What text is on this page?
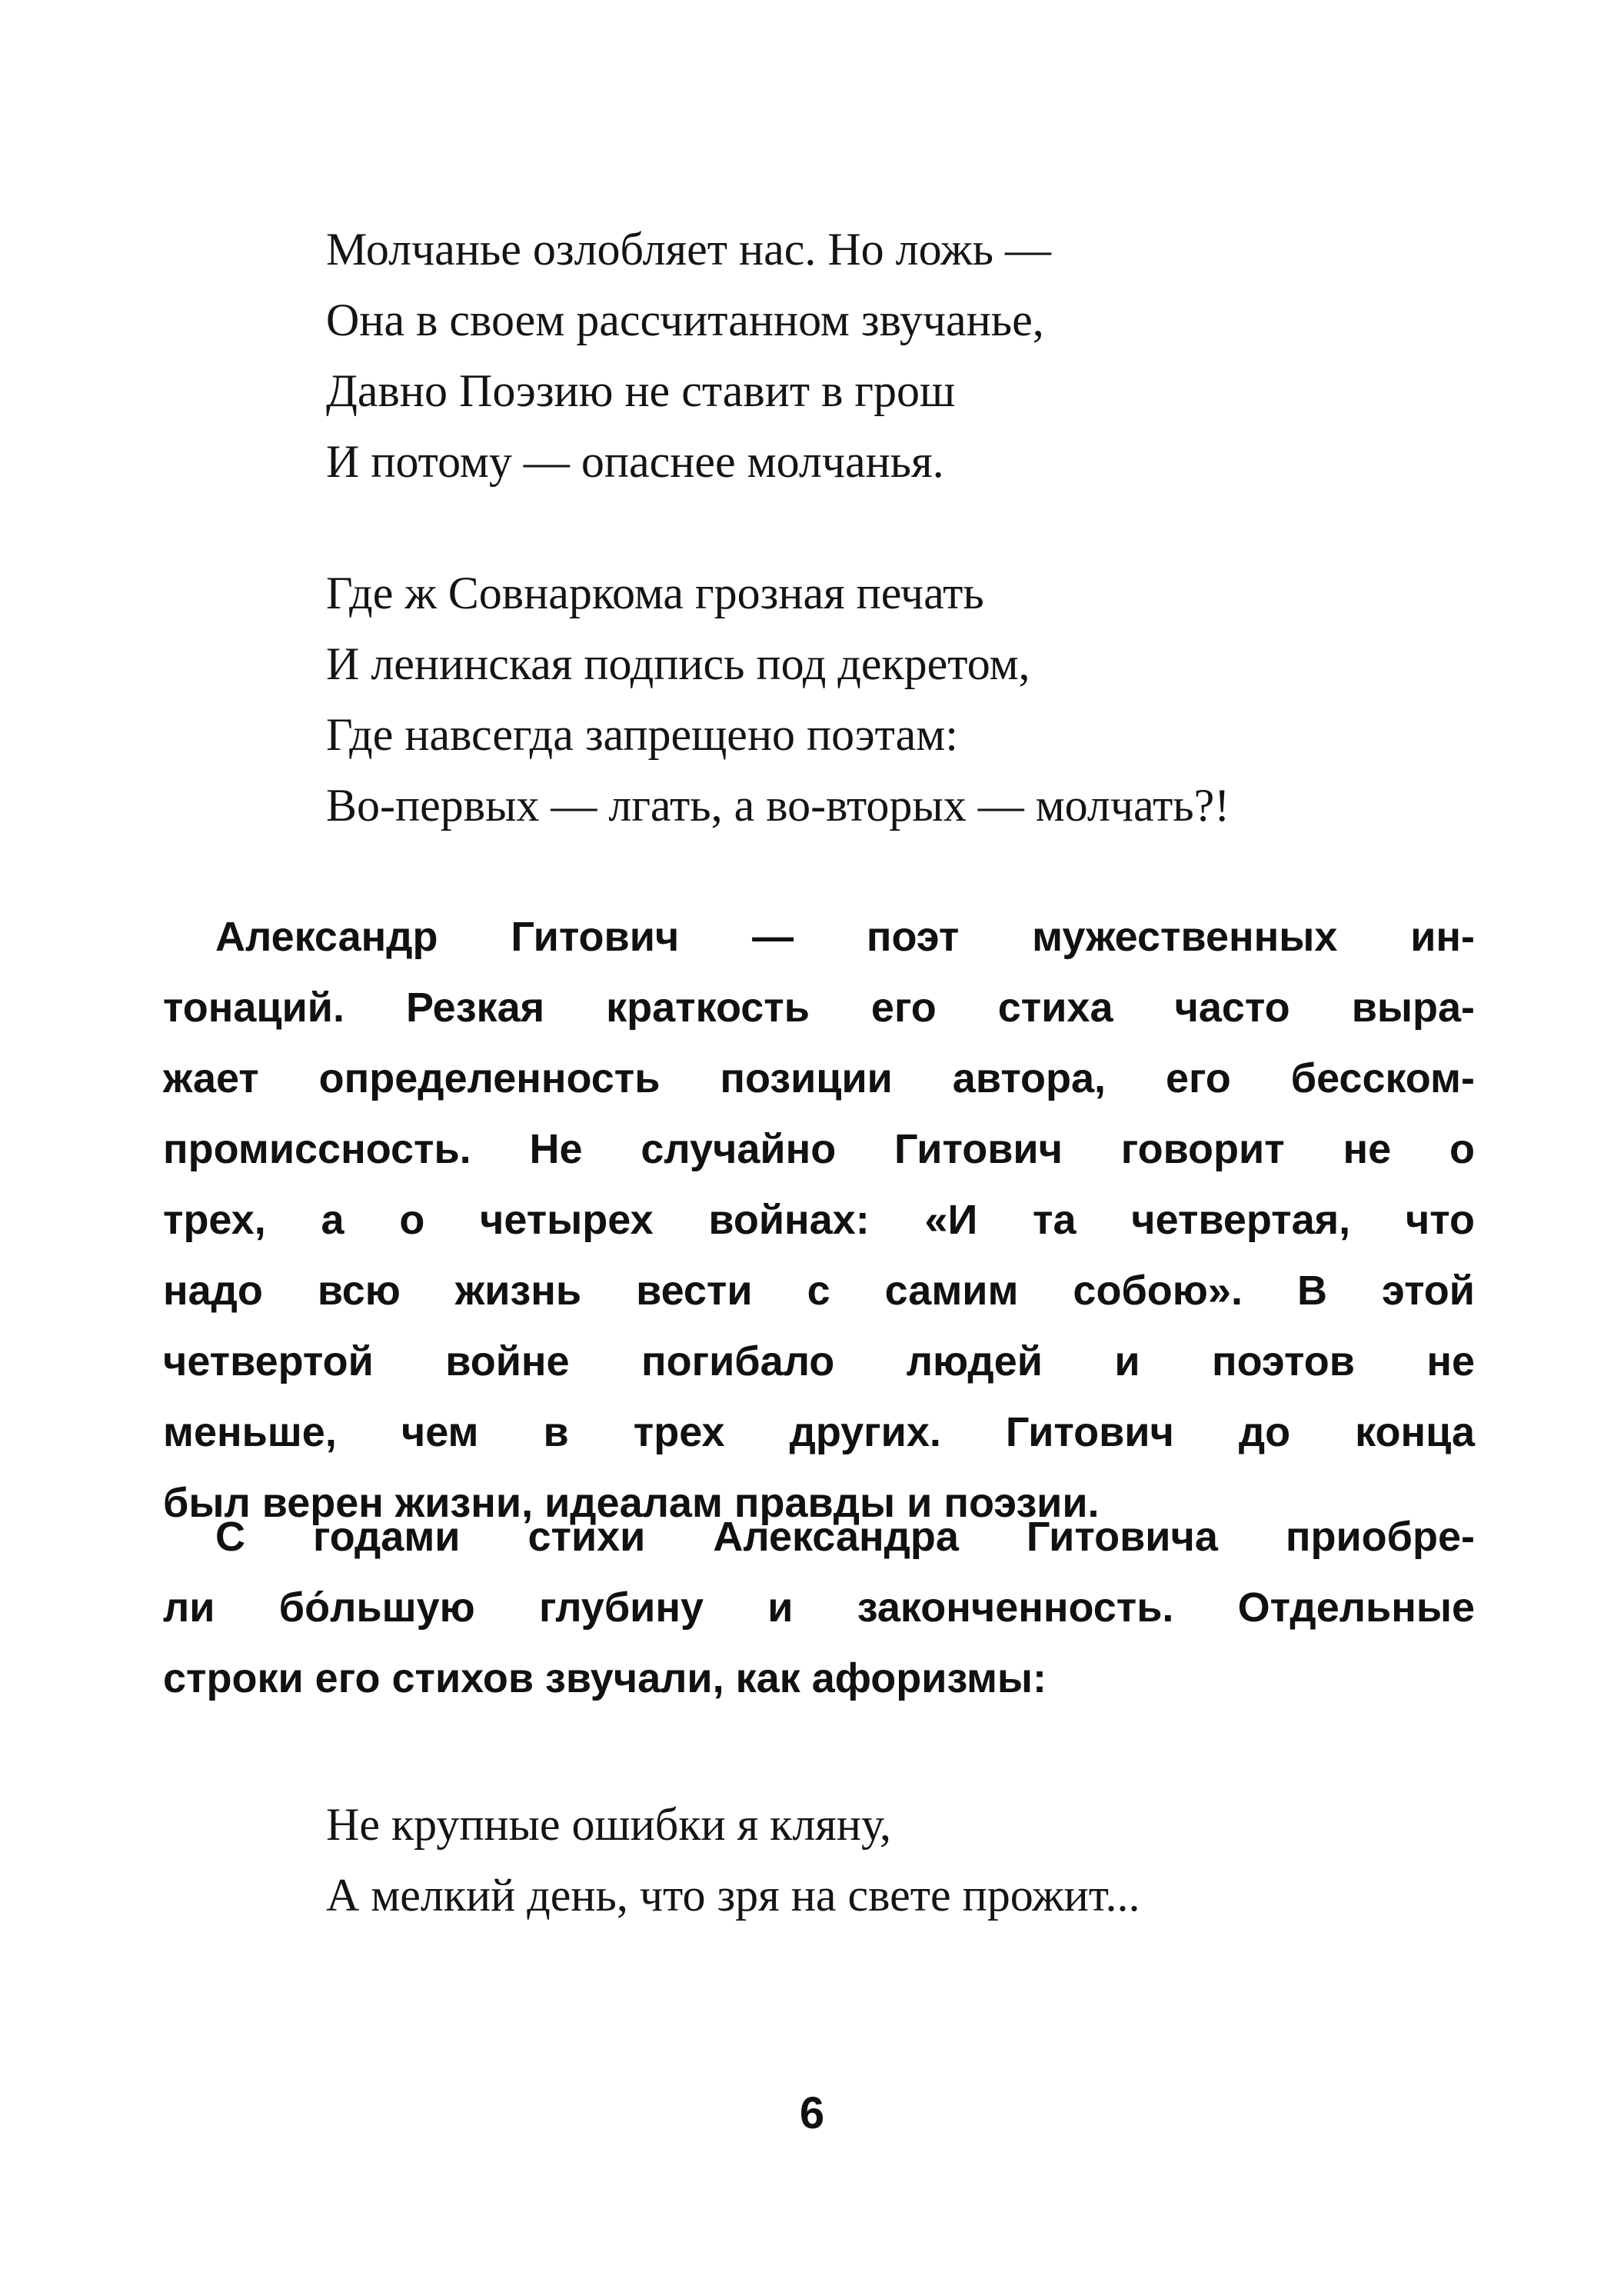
Молчанье озлобляет нас. Но ложь —
Она в своем рассчитанном звучанье,
Давно Поэзию не ставит в грош
И потому — опаснее молчанья.
Где ж Совнаркома грозная печать
И ленинская подпись под декретом,
Где навсегда запрещено поэтам:
Во-первых — лгать, а во-вторых — молчать?!
Александр Гитович — поэт мужественных ин-
тонаций. Резкая краткость его стиха часто выра-
жает определенность позиции автора, его бесском-
промиссность. Не случайно Гитович говорит не о
трех, а о четырех войнах: «И та четвертая, что
надо всю жизнь вести с самим собою». В этой
четвертой войне погибало людей и поэтов не
меньше, чем в трех других. Гитович до конца
был верен жизни, идеалам правды и поэзии.
С годами стихи Александра Гитовича приобре-
ли бо́льшую глубину и законченность. Отдельные
строки его стихов звучали, как афоризмы:
Не крупные ошибки я кляну,
А мелкий день, что зря на свете прожит...
6
